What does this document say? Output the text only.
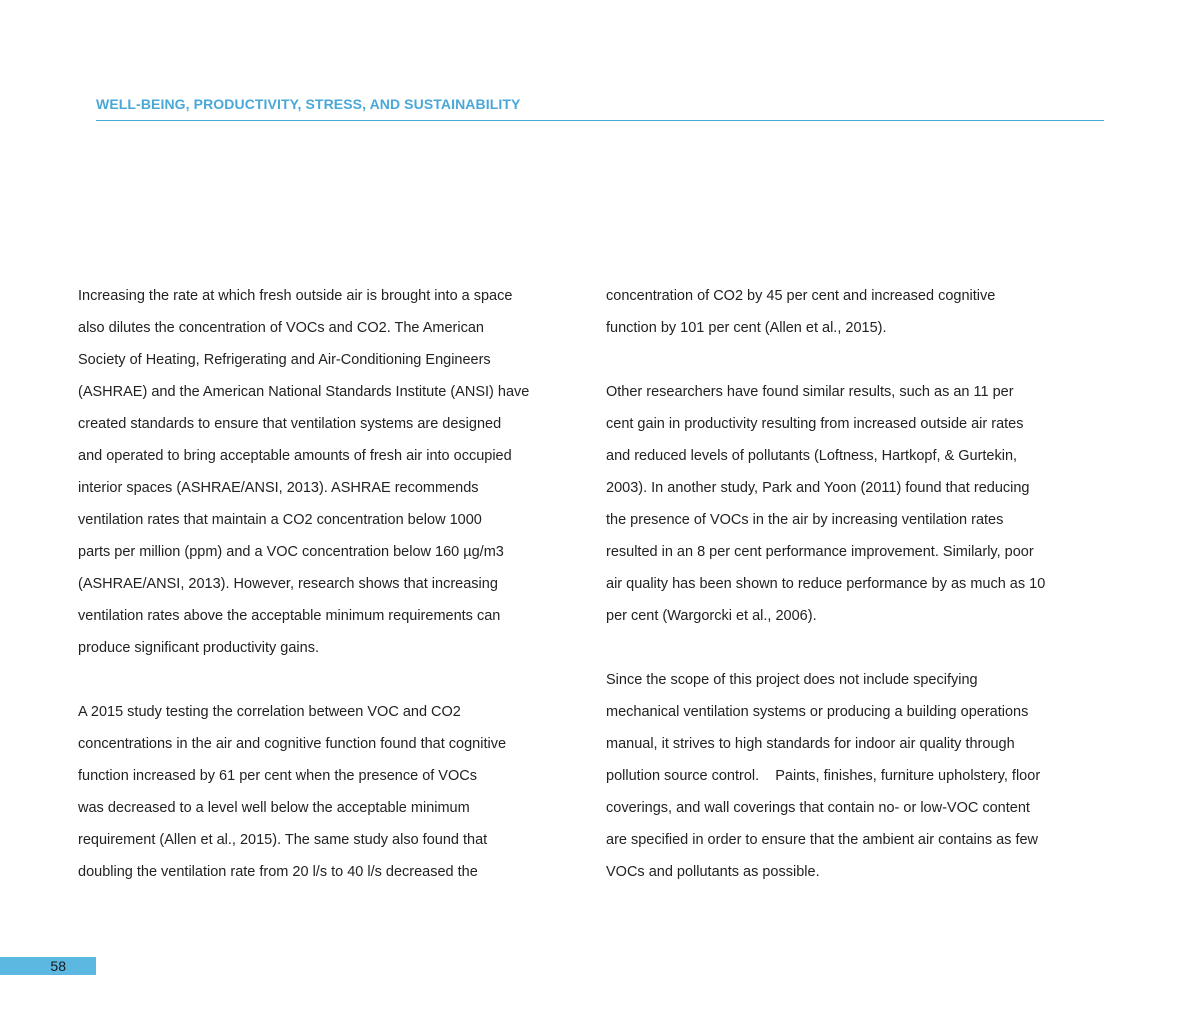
WELL-BEING, PRODUCTIVITY, STRESS, AND SUSTAINABILITY

Increasing the rate at which fresh outside air is brought into a space
also dilutes the concentration of VOCs and CO2. The American
Society of Heating, Refrigerating and Air-Conditioning Engineers
(ASHRAE) and the American National Standards Institute (ANSI) have
created standards to ensure that ventilation systems are designed
and operated to bring acceptable amounts of fresh air into occupied
interior spaces (ASHRAE/ANSI, 2013). ASHRAE recommends
ventilation rates that maintain a CO2 concentration below 1000
parts per million (ppm) and a VOC concentration below 160 µg/m3
(ASHRAE/ANSI, 2013). However, research shows that increasing
ventilation rates above the acceptable minimum requirements can
produce significant productivity gains.

A 2015 study testing the correlation between VOC and CO2
concentrations in the air and cognitive function found that cognitive
function increased by 61 per cent when the presence of VOCs
was decreased to a level well below the acceptable minimum
requirement (Allen et al., 2015). The same study also found that
doubling the ventilation rate from 20 l/s to 40 l/s decreased the

concentration of CO2 by 45 per cent and increased cognitive
function by 101 per cent (Allen et al., 2015).

Other researchers have found similar results, such as an 11 per
cent gain in productivity resulting from increased outside air rates
and reduced levels of pollutants (Loftness, Hartkopf, & Gurtekin,
2003). In another study, Park and Yoon (2011) found that reducing
the presence of VOCs in the air by increasing ventilation rates
resulted in an 8 per cent performance improvement. Similarly, poor
air quality has been shown to reduce performance by as much as 10
per cent (Wargorcki et al., 2006).

Since the scope of this project does not include specifying
mechanical ventilation systems or producing a building operations
manual, it strives to high standards for indoor air quality through
pollution source control.    Paints, finishes, furniture upholstery, floor
coverings, and wall coverings that contain no- or low-VOC content
are specified in order to ensure that the ambient air contains as few
VOCs and pollutants as possible.

58
